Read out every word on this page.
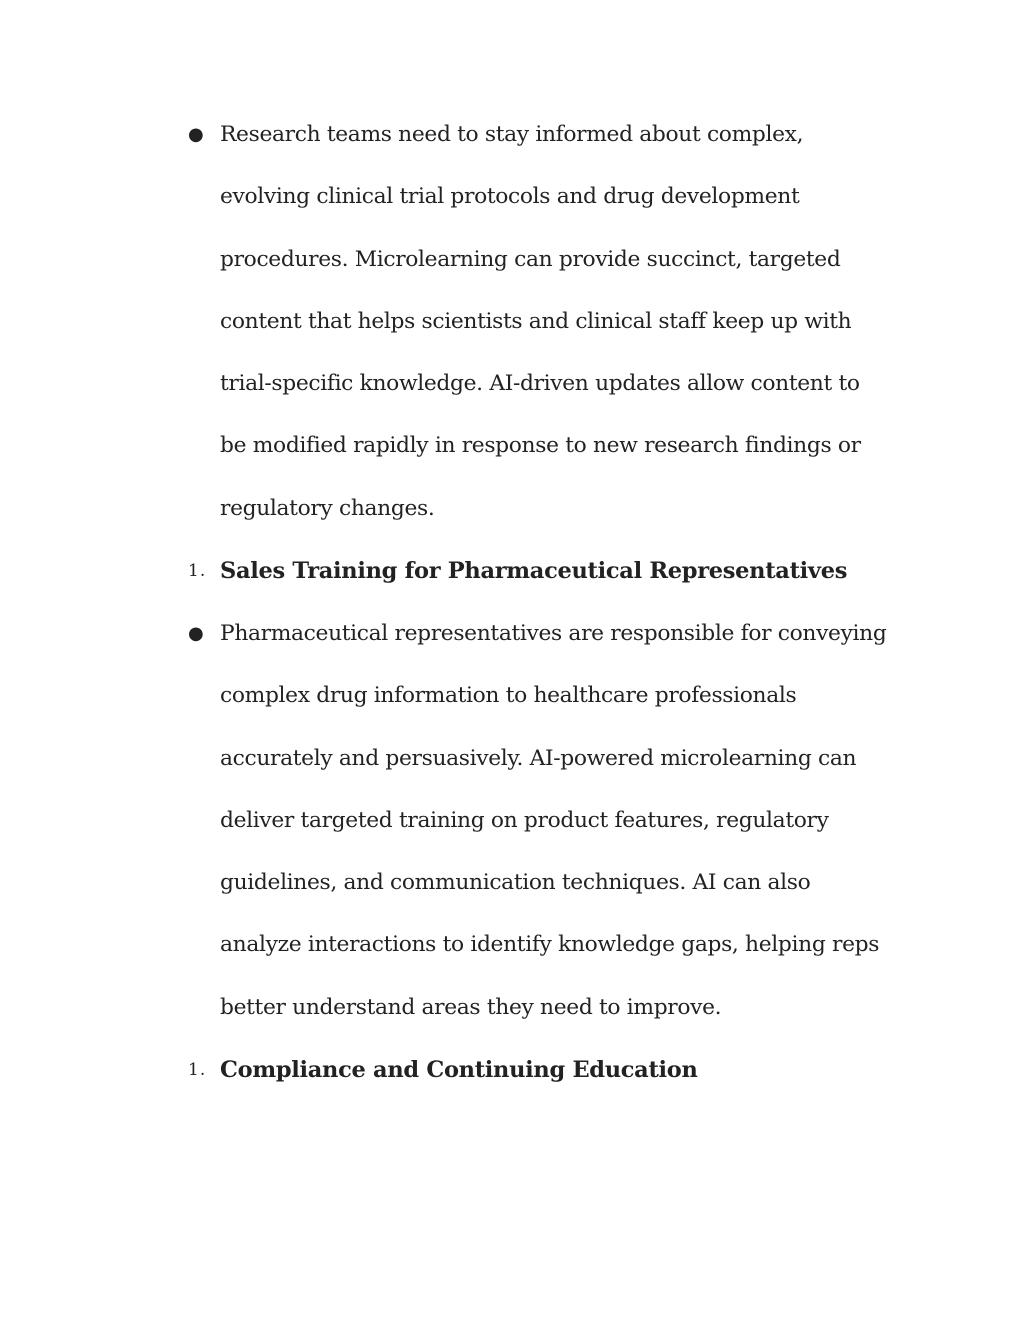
● Research teams need to stay informed about complex,
evolving clinical trial protocols and drug development
procedures. Microlearning can provide succinct, targeted
content that helps scientists and clinical staff keep up with
trial-specific knowledge. AI-driven updates allow content to
be modified rapidly in response to new research findings or
regulatory changes.
1. Sales Training for Pharmaceutical Representatives
● Pharmaceutical representatives are responsible for conveying
complex drug information to healthcare professionals
accurately and persuasively. AI-powered microlearning can
deliver targeted training on product features, regulatory
guidelines, and communication techniques. AI can also
analyze interactions to identify knowledge gaps, helping reps
better understand areas they need to improve.
1. Compliance and Continuing Education
